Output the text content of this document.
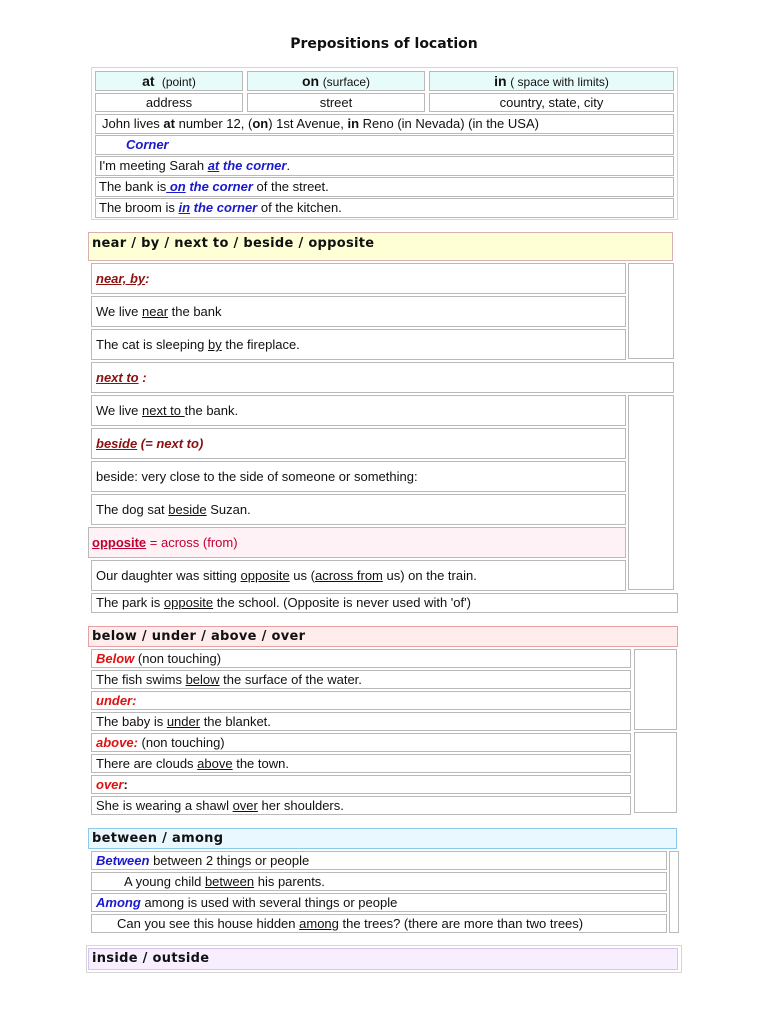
Prepositions of location
at (point)	on (surface)	in ( space with limits)
address	street	country, state, city
John lives at number 12, (on) 1st Avenue, in Reno (in Nevada) (in the USA)
Corner
I'm meeting Sarah at the corner.
The bank is on the corner of the street.
The broom is in the corner of the kitchen.
near / by / next to / beside / opposite
near, by:
We live near the bank
The cat is sleeping by the fireplace.
next to :
We live next to the bank.
beside (= next to)
beside: very close to the side of someone or something:
The dog sat beside Suzan.
opposite = across (from)
Our daughter was sitting opposite us (across from us) on the train.
The park is opposite the school. (Opposite is never used with 'of')
below / under / above / over
Below (non touching)
The fish swims below the surface of the water.
under:
The baby is under the blanket.
above: (non touching)
There are clouds above the town.
over:
She is wearing a shawl over her shoulders.
between / among
Between between 2 things or people
A young child between his parents.
Among among is used with several things or people
Can you see this house hidden among the trees? (there are more than two trees)
inside / outside
